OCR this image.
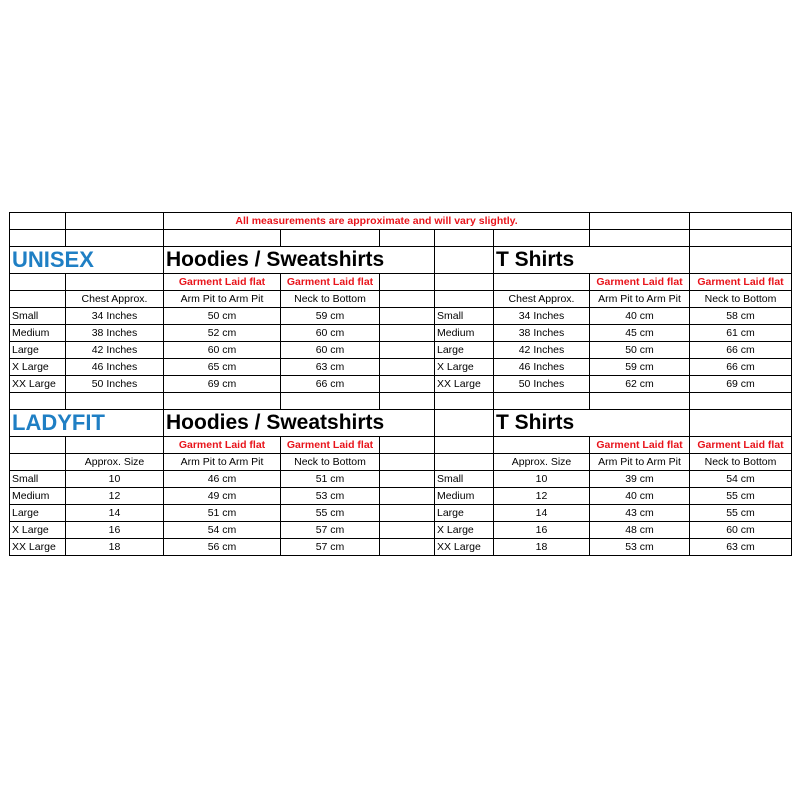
		All measurements are approximate and will vary slightly.						

UNISEX		Hoodies / Sweatshirts				T Shirts		
		Garment Laid flat	Garment Laid flat				Garment Laid flat	Garment Laid flat
	Chest Approx.	Arm Pit to Arm Pit	Neck to Bottom			Chest Approx.	Arm Pit to Arm Pit	Neck to Bottom
Small	34 Inches	50 cm	59 cm		Small	34 Inches	40 cm	58 cm
Medium	38 Inches	52 cm	60 cm		Medium	38 Inches	45 cm	61 cm
Large	42 Inches	60 cm	60 cm		Large	42 Inches	50 cm	66 cm
X Large	46 Inches	65 cm	63 cm		X Large	46 Inches	59 cm	66 cm
XX Large	50 Inches	69 cm	66 cm		XX Large	50 Inches	62 cm	69 cm

LADYFIT		Hoodies / Sweatshirts				T Shirts		
		Garment Laid flat	Garment Laid flat				Garment Laid flat	Garment Laid flat
	Approx. Size	Arm Pit to Arm Pit	Neck to Bottom			Approx. Size	Arm Pit to Arm Pit	Neck to Bottom
Small	10	46 cm	51 cm		Small	10	39 cm	54 cm
Medium	12	49 cm	53 cm		Medium	12	40 cm	55 cm
Large	14	51 cm	55 cm		Large	14	43 cm	55 cm
X Large	16	54 cm	57 cm		X Large	16	48 cm	60 cm
XX Large	18	56 cm	57 cm		XX Large	18	53 cm	63 cm
